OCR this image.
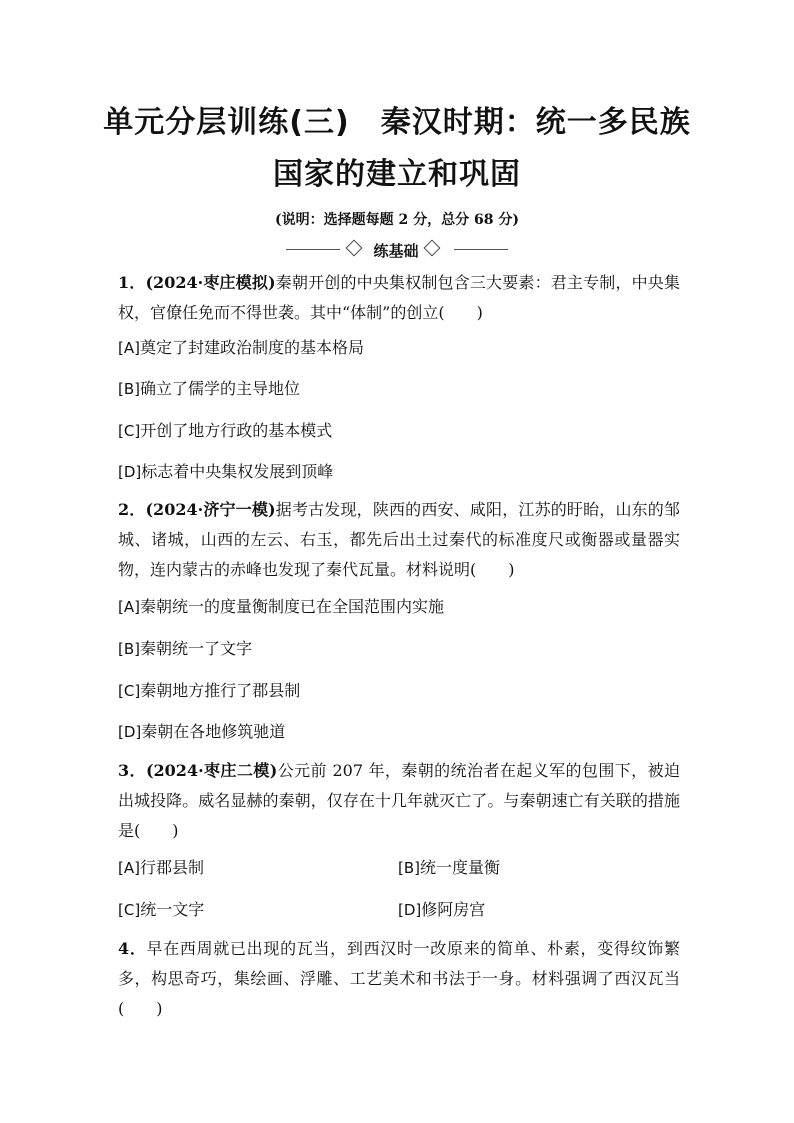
单元分层训练(三)　秦汉时期：统一多民族
国家的建立和巩固
(说明：选择题每题 2 分，总分 68 分)
练基础
1．(2024·枣庄模拟)秦朝开创的中央集权制包含三大要素：君主专制，中央集权，官僚任免而不得世袭。其中“体制”的创立(　　)
[A]奠定了封建政治制度的基本格局
[B]确立了儒学的主导地位
[C]开创了地方行政的基本模式
[D]标志着中央集权发展到顶峰
2．(2024·济宁一模)据考古发现，陕西的西安、咸阳，江苏的盱眙，山东的邹城、诸城，山西的左云、右玉，都先后出土过秦代的标准度尺或衡器或量器实物，连内蒙古的赤峰也发现了秦代瓦量。材料说明(　　)
[A]秦朝统一的度量衡制度已在全国范围内实施
[B]秦朝统一了文字
[C]秦朝地方推行了郡县制
[D]秦朝在各地修筑驰道
3．(2024·枣庄二模)公元前 207 年，秦朝的统治者在起义军的包围下，被迫出城投降。威名显赫的秦朝，仅存在十几年就灭亡了。与秦朝速亡有关联的措施是(　　)
[A]行郡县制	[B]统一度量衡
[C]统一文字	[D]修阿房宫
4．早在西周就已出现的瓦当，到西汉时一改原来的简单、朴素，变得纹饰繁多，构思奇巧，集绘画、浮雕、工艺美术和书法于一身。材料强调了西汉瓦当(　　)
